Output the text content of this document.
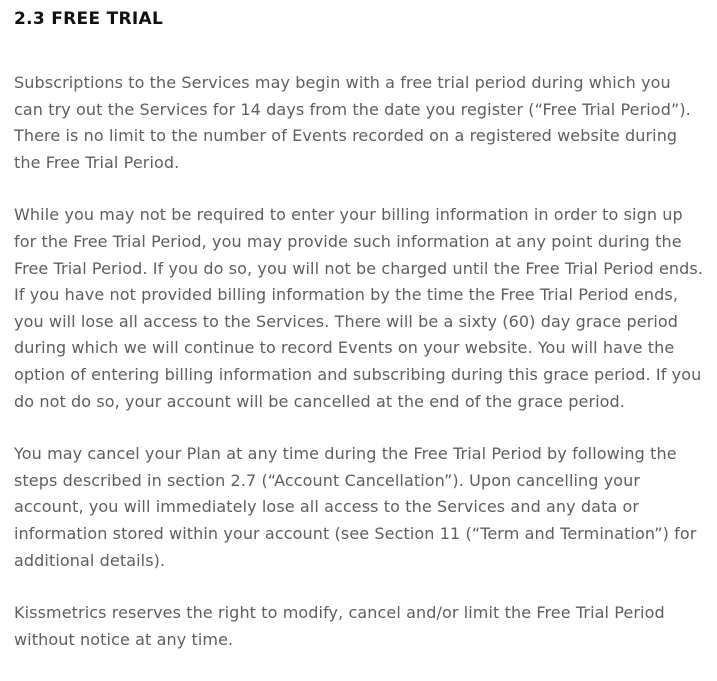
2.3 FREE TRIAL

Subscriptions to the Services may begin with a free trial period during which you can try out the Services for 14 days from the date you register (“Free Trial Period”). There is no limit to the number of Events recorded on a registered website during the Free Trial Period.

While you may not be required to enter your billing information in order to sign up for the Free Trial Period, you may provide such information at any point during the Free Trial Period. If you do so, you will not be charged until the Free Trial Period ends. If you have not provided billing information by the time the Free Trial Period ends, you will lose all access to the Services. There will be a sixty (60) day grace period during which we will continue to record Events on your website. You will have the option of entering billing information and subscribing during this grace period. If you do not do so, your account will be cancelled at the end of the grace period.

You may cancel your Plan at any time during the Free Trial Period by following the steps described in section 2.7 (“Account Cancellation”). Upon cancelling your account, you will immediately lose all access to the Services and any data or information stored within your account (see Section 11 (“Term and Termination”) for additional details).

Kissmetrics reserves the right to modify, cancel and/or limit the Free Trial Period without notice at any time.
